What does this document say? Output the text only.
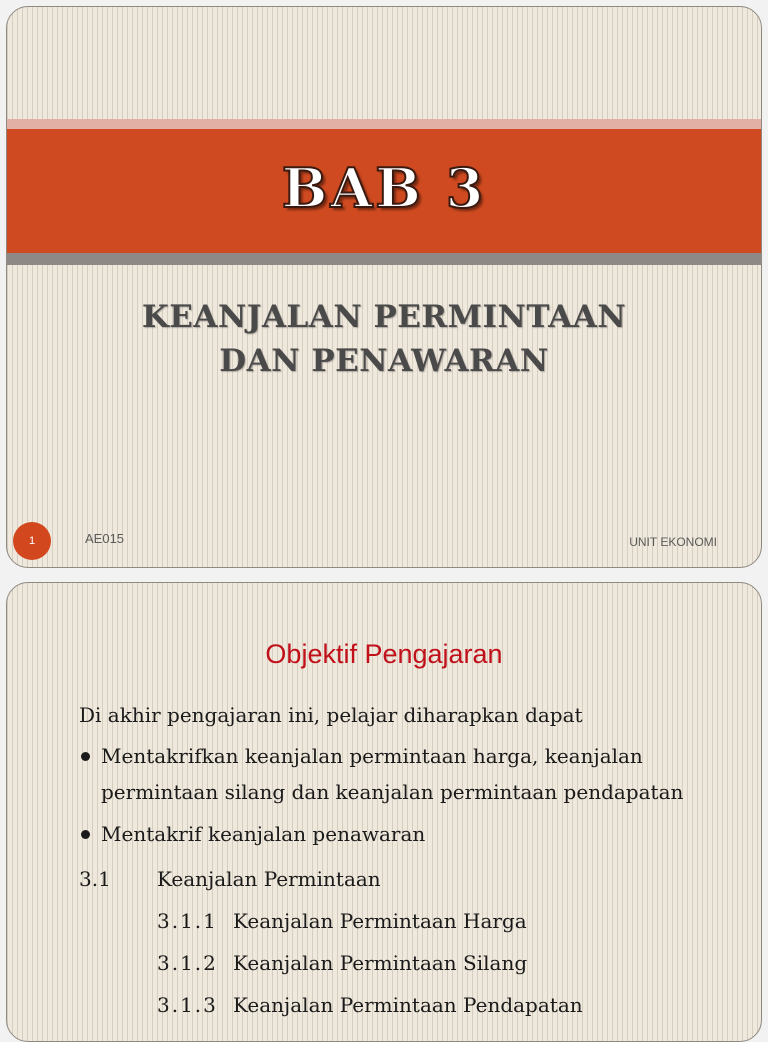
BAB 3
KEANJALAN PERMINTAAN
DAN PENAWARAN
1	AE015	UNIT EKONOMI
Objektif Pengajaran
Di akhir pengajaran ini, pelajar diharapkan dapat
Mentakrifkan keanjalan permintaan harga, keanjalan
permintaan silang dan keanjalan permintaan pendapatan
Mentakrif keanjalan penawaran
3.1	Keanjalan Permintaan
3.1.1 Keanjalan Permintaan Harga
3.1.2 Keanjalan Permintaan Silang
3.1.3 Keanjalan Permintaan Pendapatan
